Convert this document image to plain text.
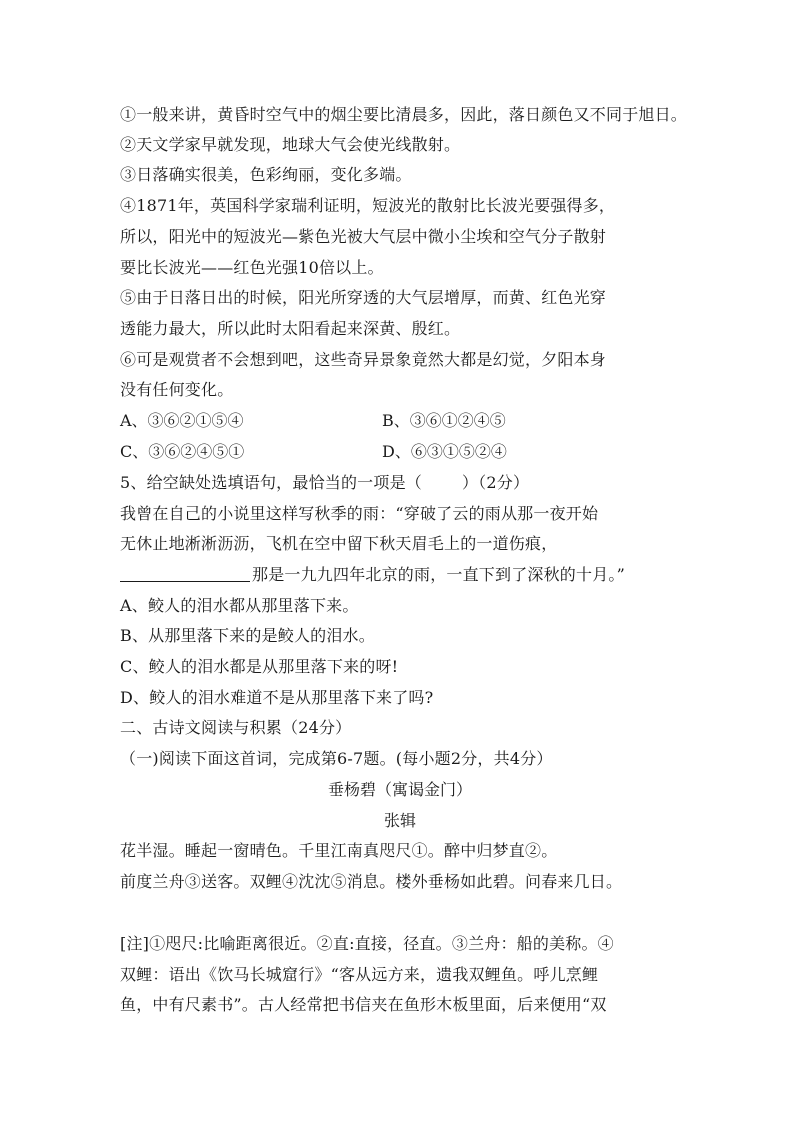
①一般来讲，黄昏时空气中的烟尘要比清晨多，因此，落日颜色又不同于旭日。
②天文学家早就发现，地球大气会使光线散射。
③日落确实很美，色彩绚丽，变化多端。
④1871年，英国科学家瑞利证明，短波光的散射比长波光要强得多，
所以，阳光中的短波光—紫色光被大气层中微小尘埃和空气分子散射
要比长波光——红色光强10倍以上。
⑤由于日落日出的时候，阳光所穿透的大气层增厚，而黄、红色光穿
透能力最大，所以此时太阳看起来深黄、殷红。
⑥可是观赏者不会想到吧，这些奇异景象竟然大都是幻觉，夕阳本身
没有任何变化。
A、③⑥②①⑤④	B、③⑥①②④⑤
C、③⑥②④⑤①	D、⑥③①⑤②④
5、给空缺处选填语句，最恰当的一项是（	）（2分）
我曾在自己的小说里这样写秋季的雨：“穿破了云的雨从那一夜开始
无休止地淅淅沥沥，飞机在空中留下秋天眉毛上的一道伤痕，
那是一九九四年北京的雨，一直下到了深秋的十月。”
A、鲛人的泪水都从那里落下来。
B、从那里落下来的是鲛人的泪水。
C、鲛人的泪水都是从那里落下来的呀!
D、鲛人的泪水难道不是从那里落下来了吗?
二、古诗文阅读与积累（24分）
（一)阅读下面这首词，完成第6-7题。(每小题2分，共4分）
垂杨碧（寓谒金门）
张辑
花半湿。睡起一窗晴色。千里江南真咫尺①。醉中归梦直②。
前度兰舟③送客。双鲤④沈沈⑤消息。楼外垂杨如此碧。问春来几日。
[注]①咫尺:比喻距离很近。②直:直接，径直。③兰舟：船的美称。④
双鲤：语出《饮马长城窟行》“客从远方来，遗我双鲤鱼。呼儿烹鲤
鱼，中有尺素书”。古人经常把书信夹在鱼形木板里面，后来便用“双
